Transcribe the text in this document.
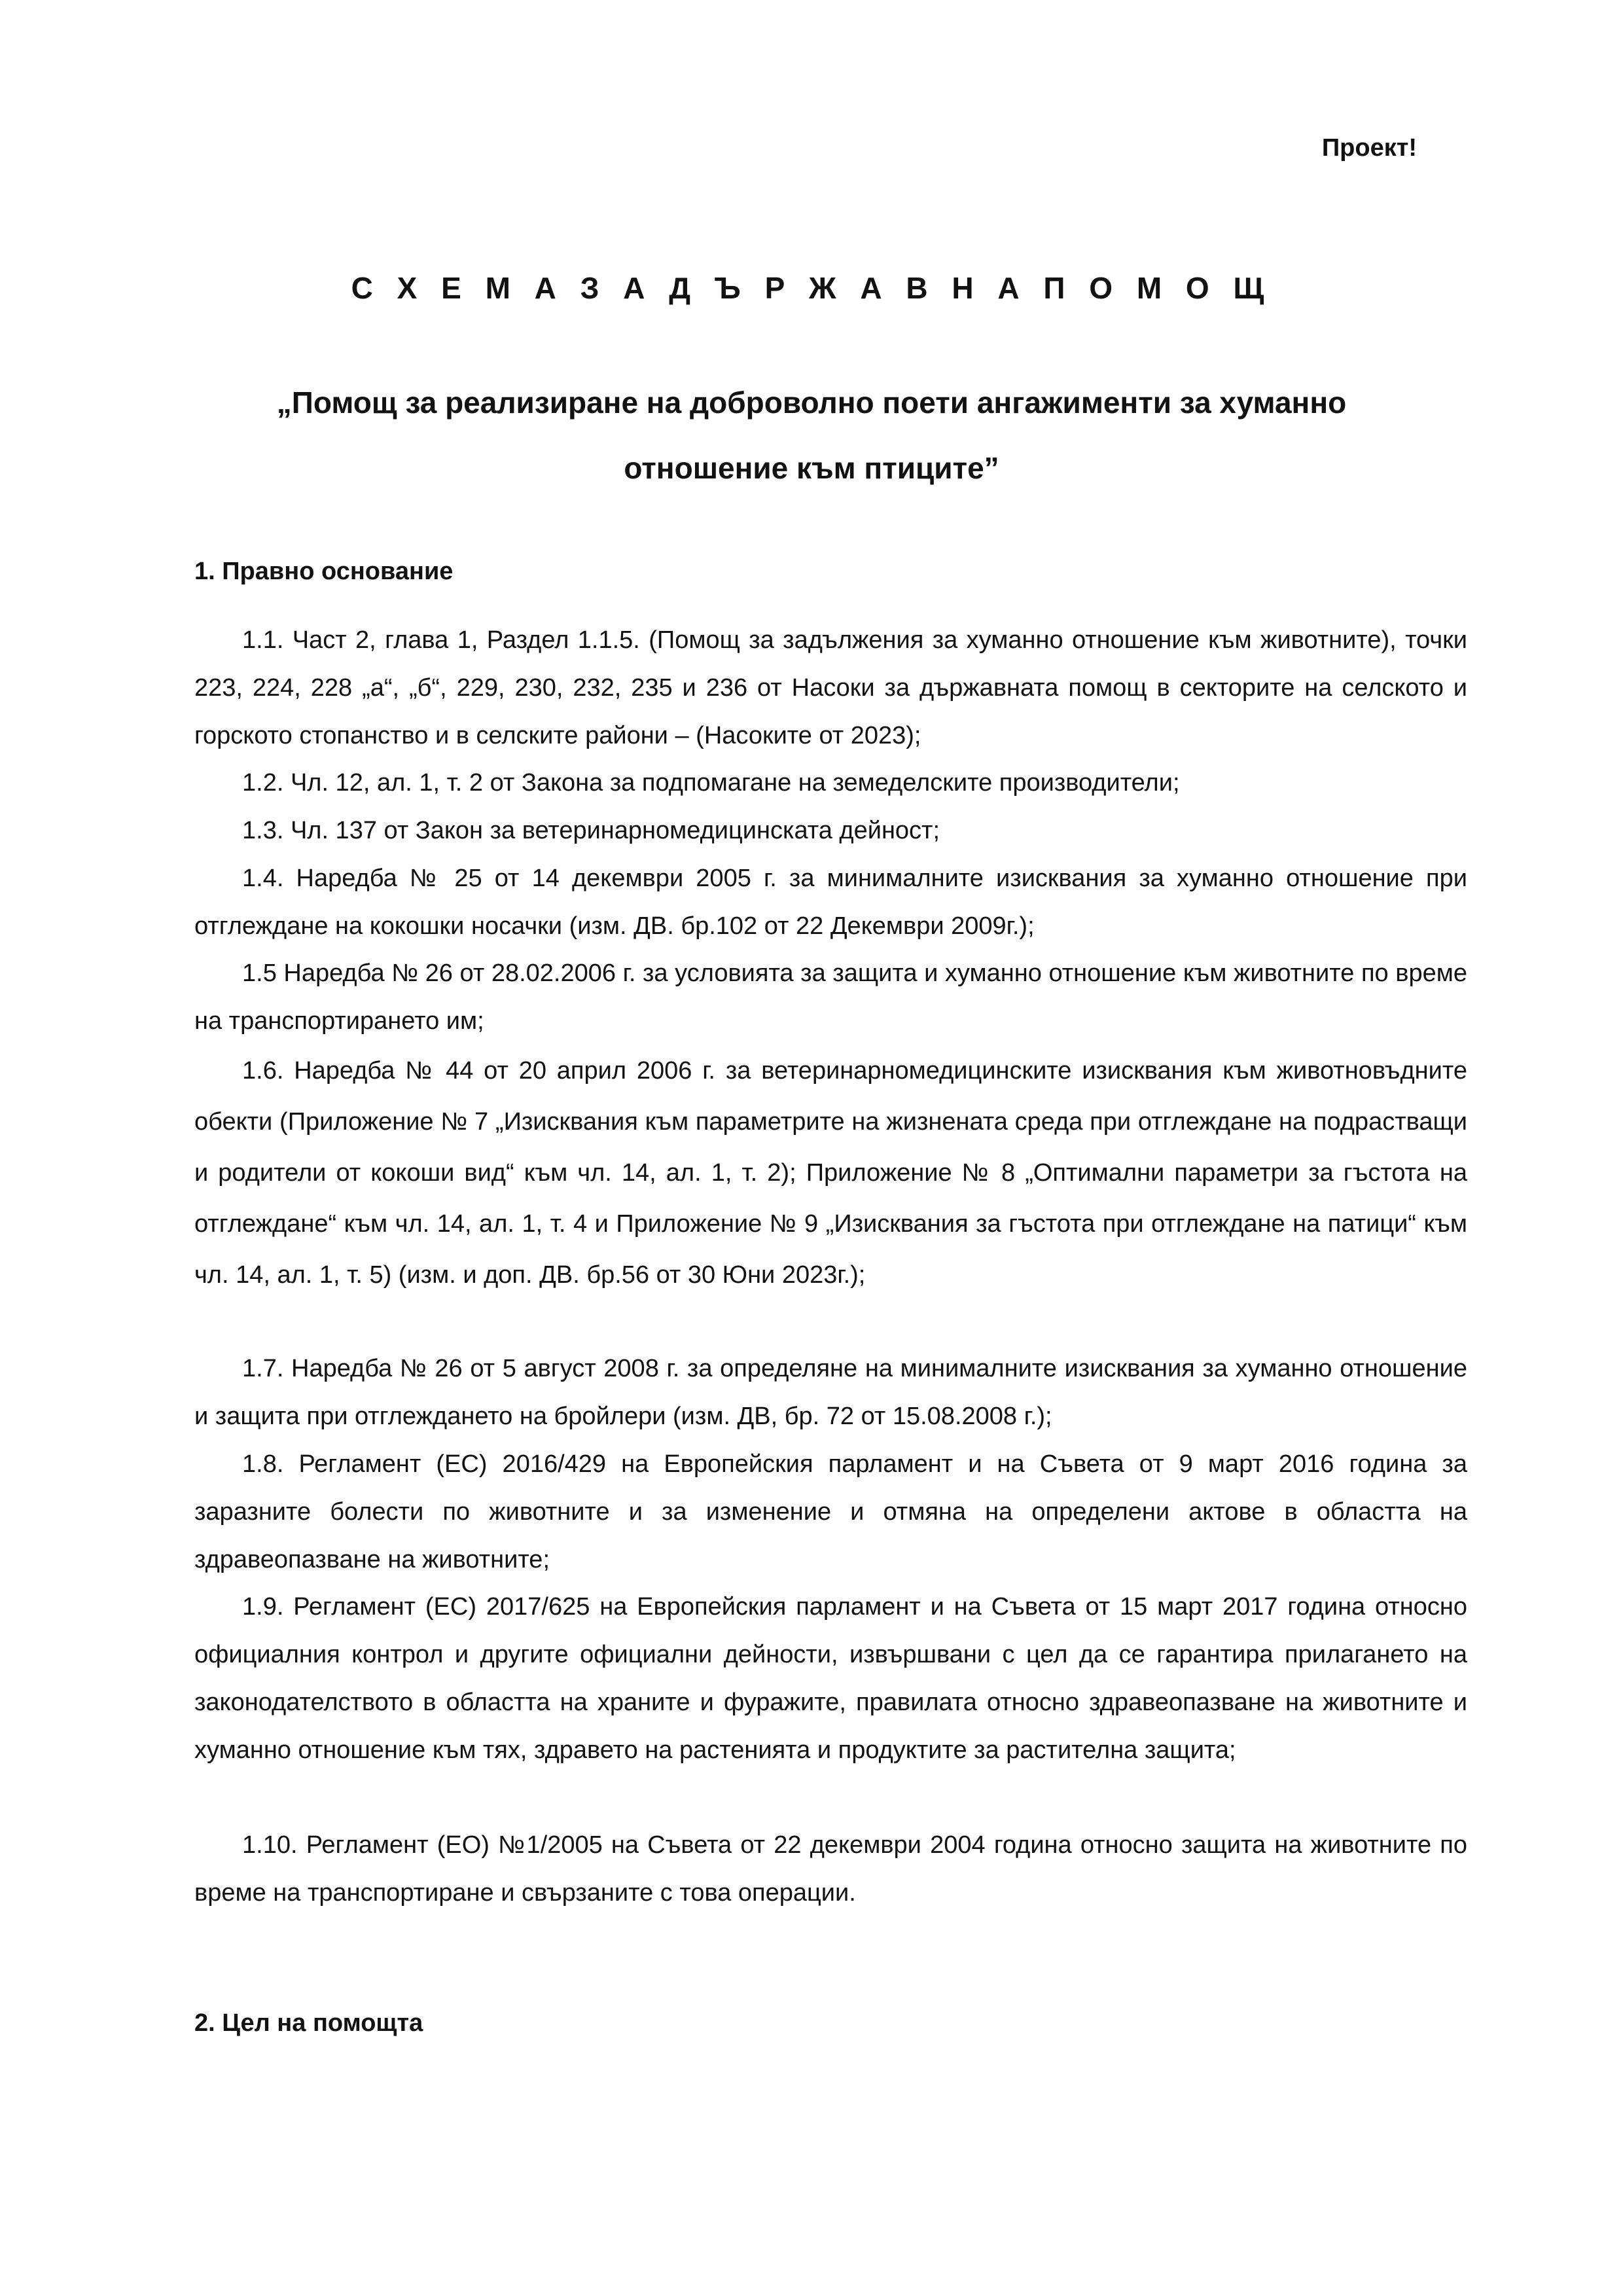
Проект!
С Х Е М А З А Д Ъ Р Ж А В Н А П О М О Щ
„Помощ за реализиране на доброволно поети ангажименти за хуманно отношение към птиците”
1. Правно основание

1.1. Част 2, глава 1, Раздел 1.1.5. (Помощ за задължения за хуманно отношение към животните), точки 223, 224, 228 „а“, „б“, 229, 230, 232, 235 и 236 от Насоки за държавната помощ в секторите на селското и горското стопанство и в селските райони – (Насоките от 2023);

1.2. Чл. 12, ал. 1, т. 2 от Закона за подпомагане на земеделските производители;

1.3. Чл. 137 от Закон за ветеринарномедицинската дейност;

1.4. Наредба № 25 от 14 декември 2005 г. за минималните изисквания за хуманно отношение при отглеждане на кокошки носачки (изм. ДВ. бр.102 от 22 Декември 2009г.);

1.5 Наредба № 26 от 28.02.2006 г. за условията за защита и хуманно отношение към животните по време на транспортирането им;

1.6. Наредба № 44 от 20 април 2006 г. за ветеринарномедицинските изисквания към животновъдните обекти (Приложение № 7 „Изисквания към параметрите на жизнената среда при отглеждане на подрастващи и родители от кокоши вид“ към чл. 14, ал. 1, т. 2); Приложение № 8 „Оптимални параметри за гъстота на отглеждане“ към чл. 14, ал. 1, т. 4 и Приложение № 9 „Изисквания за гъстота при отглеждане на патици“ към чл. 14, ал. 1, т. 5) (изм. и доп. ДВ. бр.56 от 30 Юни 2023г.);

1.7. Наредба № 26 от 5 август 2008 г. за определяне на минималните изисквания за хуманно отношение и защита при отглеждането на бройлери (изм. ДВ, бр. 72 от 15.08.2008 г.);

1.8. Регламент (ЕС) 2016/429 на Европейския парламент и на Съвета от 9 март 2016 година за заразните болести по животните и за изменение и отмяна на определени актове в областта на здравеопазване на животните;

1.9. Регламент (ЕС) 2017/625 на Европейския парламент и на Съвета от 15 март 2017 година относно официалния контрол и другите официални дейности, извършвани с цел да се гарантира прилагането на законодателството в областта на храните и фуражите, правилата относно здравеопазване на животните и хуманно отношение към тях, здравето на растенията и продуктите за растителна защита;

1.10. Регламент (ЕО) №1/2005 на Съвета от 22 декември 2004 година относно защита на животните по време на транспортиране и свързаните с това операции.

2. Цел на помощта
